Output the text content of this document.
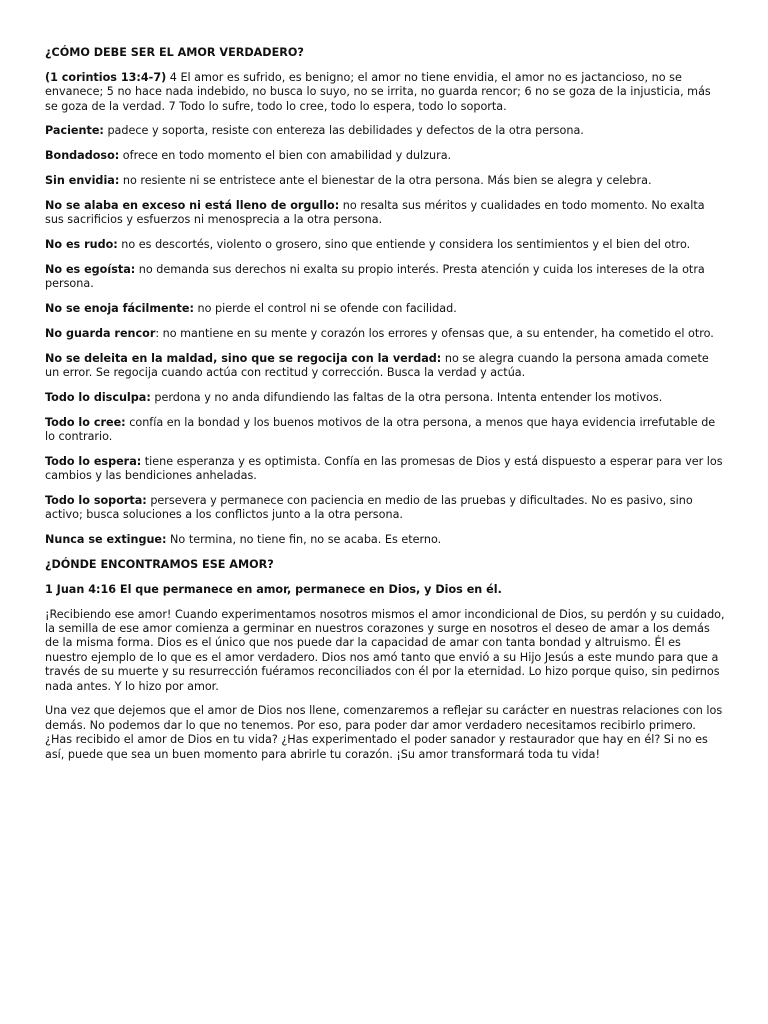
¿CÓMO DEBE SER EL AMOR VERDADERO?

(1 corintios 13:4-7) 4 El amor es sufrido, es benigno; el amor no tiene envidia, el amor no es jactancioso, no se envanece; 5 no hace nada indebido, no busca lo suyo, no se irrita, no guarda rencor; 6 no se goza de la injusticia, más se goza de la verdad. 7 Todo lo sufre, todo lo cree, todo lo espera, todo lo soporta.

Paciente: padece y soporta, resiste con entereza las debilidades y defectos de la otra persona.

Bondadoso: ofrece en todo momento el bien con amabilidad y dulzura.

Sin envidia: no resiente ni se entristece ante el bienestar de la otra persona. Más bien se alegra y celebra.

No se alaba en exceso ni está lleno de orgullo: no resalta sus méritos y cualidades en todo momento. No exalta sus sacrificios y esfuerzos ni menosprecia a la otra persona.

No es rudo: no es descortés, violento o grosero, sino que entiende y considera los sentimientos y el bien del otro.

No es egoísta: no demanda sus derechos ni exalta su propio interés. Presta atención y cuida los intereses de la otra persona.

No se enoja fácilmente: no pierde el control ni se ofende con facilidad.

No guarda rencor: no mantiene en su mente y corazón los errores y ofensas que, a su entender, ha cometido el otro.

No se deleita en la maldad, sino que se regocija con la verdad: no se alegra cuando la persona amada comete un error. Se regocija cuando actúa con rectitud y corrección. Busca la verdad y actúa.

Todo lo disculpa: perdona y no anda difundiendo las faltas de la otra persona. Intenta entender los motivos.

Todo lo cree: confía en la bondad y los buenos motivos de la otra persona, a menos que haya evidencia irrefutable de lo contrario.

Todo lo espera: tiene esperanza y es optimista. Confía en las promesas de Dios y está dispuesto a esperar para ver los cambios y las bendiciones anheladas.

Todo lo soporta: persevera y permanece con paciencia en medio de las pruebas y dificultades. No es pasivo, sino activo; busca soluciones a los conflictos junto a la otra persona.

Nunca se extingue: No termina, no tiene fin, no se acaba. Es eterno.

¿DÓNDE ENCONTRAMOS ESE AMOR?

1 Juan 4:16 El que permanece en amor, permanece en Dios, y Dios en él.

¡Recibiendo ese amor! Cuando experimentamos nosotros mismos el amor incondicional de Dios, su perdón y su cuidado, la semilla de ese amor comienza a germinar en nuestros corazones y surge en nosotros el deseo de amar a los demás de la misma forma. Dios es el único que nos puede dar la capacidad de amar con tanta bondad y altruismo. Él es nuestro ejemplo de lo que es el amor verdadero. Dios nos amó tanto que envió a su Hijo Jesús a este mundo para que a través de su muerte y su resurrección fuéramos reconciliados con él por la eternidad. Lo hizo porque quiso, sin pedirnos nada antes. Y lo hizo por amor.

Una vez que dejemos que el amor de Dios nos llene, comenzaremos a reflejar su carácter en nuestras relaciones con los demás. No podemos dar lo que no tenemos. Por eso, para poder dar amor verdadero necesitamos recibirlo primero. ¿Has recibido el amor de Dios en tu vida? ¿Has experimentado el poder sanador y restaurador que hay en él? Si no es así, puede que sea un buen momento para abrirle tu corazón. ¡Su amor transformará toda tu vida!
